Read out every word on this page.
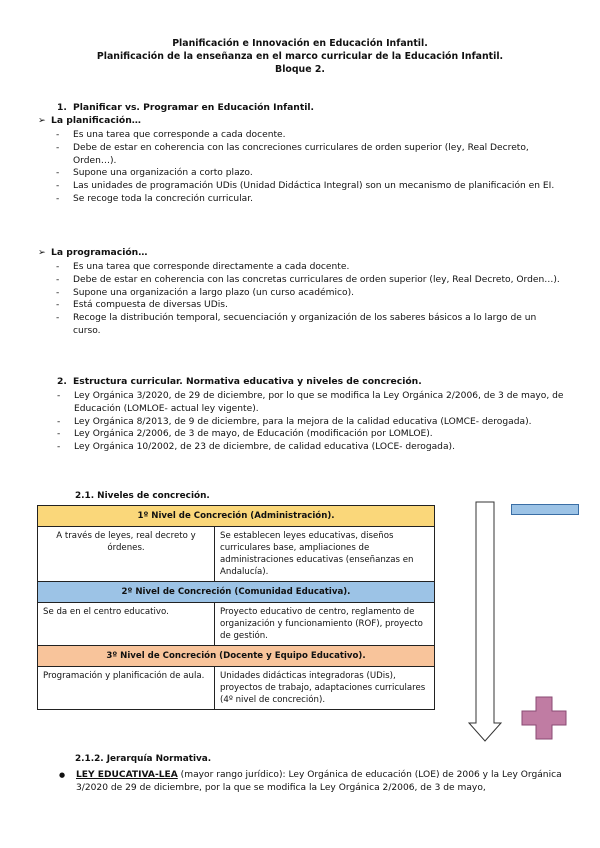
Planificación e Innovación en Educación Infantil.
Planificación de la enseñanza en el marco curricular de la Educación Infantil.
Bloque 2.
1. Planificar vs. Programar en Educación Infantil.
➢ La planificación…
- Es una tarea que corresponde a cada docente.
- Debe de estar en coherencia con las concreciones curriculares de orden superior (ley, Real Decreto, Orden…).
- Supone una organización a corto plazo.
- Las unidades de programación UDis (Unidad Didáctica Integral) son un mecanismo de planificación en EI.
- Se recoge toda la concreción curricular.
➢ La programación…
- Es una tarea que corresponde directamente a cada docente.
- Debe de estar en coherencia con las concretas curriculares de orden superior (ley, Real Decreto, Orden…).
- Supone una organización a largo plazo (un curso académico).
- Está compuesta de diversas UDis.
- Recoge la distribución temporal, secuenciación y organización de los saberes básicos a lo largo de un curso.
2. Estructura curricular. Normativa educativa y niveles de concreción.
- Ley Orgánica 3/2020, de 29 de diciembre, por lo que se modifica la Ley Orgánica 2/2006, de 3 de mayo, de Educación (LOMLOE- actual ley vigente).
- Ley Orgánica 8/2013, de 9 de diciembre, para la mejora de la calidad educativa (LOMCE- derogada).
- Ley Orgánica 2/2006, de 3 de mayo, de Educación (modificación por LOMLOE).
- Ley Orgánica 10/2002, de 23 de diciembre, de calidad educativa (LOCE- derogada).
2.1. Niveles de concreción.
1º Nivel de Concreción (Administración).	
A través de leyes, real decreto y órdenes.	Se establecen leyes educativas, diseños curriculares base, ampliaciones de administraciones educativas (enseñanzas en Andalucía).
2º Nivel de Concreción (Comunidad Educativa).	
Se da en el centro educativo.	Proyecto educativo de centro, reglamento de organización y funcionamiento (ROF), proyecto de gestión.
3º Nivel de Concreción (Docente y Equipo Educativo).	
Programación y planificación de aula.	Unidades didácticas integradoras (UDis), proyectos de trabajo, adaptaciones curriculares (4º nivel de concreción).
2.1.2. Jerarquía Normativa.
● LEY EDUCATIVA-LEA (mayor rango jurídico): Ley Orgánica de educación (LOE) de 2006 y la Ley Orgánica 3/2020 de 29 de diciembre, por la que se modifica la Ley Orgánica 2/2006, de 3 de mayo,
